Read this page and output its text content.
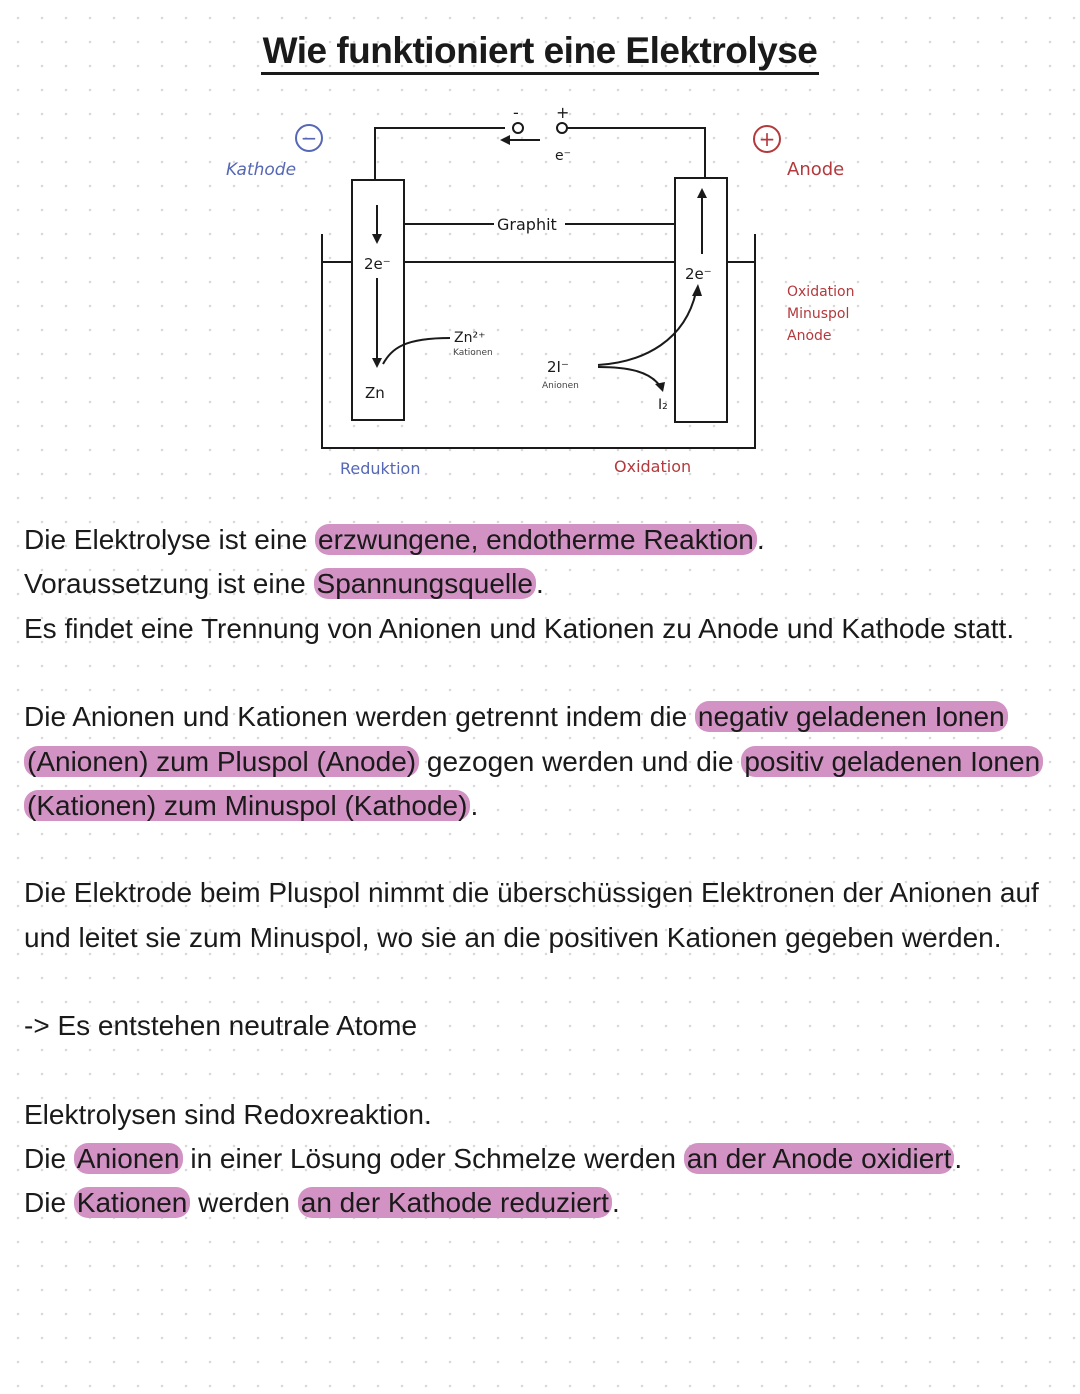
Wie funktioniert eine Elektrolyse
- +
e⁻
−	+
Kathode	Anode
Graphit
2e⁻
Zn
Zn²⁺
Kationen
2e⁻
2I⁻
Anionen
I₂
Reduktion	Oxidation
Oxidation
Minuspol
Anode

Die Elektrolyse ist eine erzwungene, endotherme Reaktion .

Voraussetzung ist eine Spannungsquelle .

Es findet eine Trennung von Anionen und Kationen zu Anode und Kathode statt.

Die Anionen und Kationen werden getrennt indem die negativ geladenen Ionen (Anionen) zum Pluspol (Anode) gezogen werden und die positiv geladenen Ionen (Kationen) zum Minuspol (Kathode) .

Die Elektrode beim Pluspol nimmt die überschüssigen Elektronen der Anionen auf und leitet sie zum Minuspol, wo sie an die positiven Kationen gegeben werden.

-> Es entstehen neutrale Atome

Elektrolysen sind Redoxreaktion.

Die Anionen in einer Lösung oder Schmelze werden an der Anode oxidiert .

Die Kationen werden an der Kathode reduziert .
